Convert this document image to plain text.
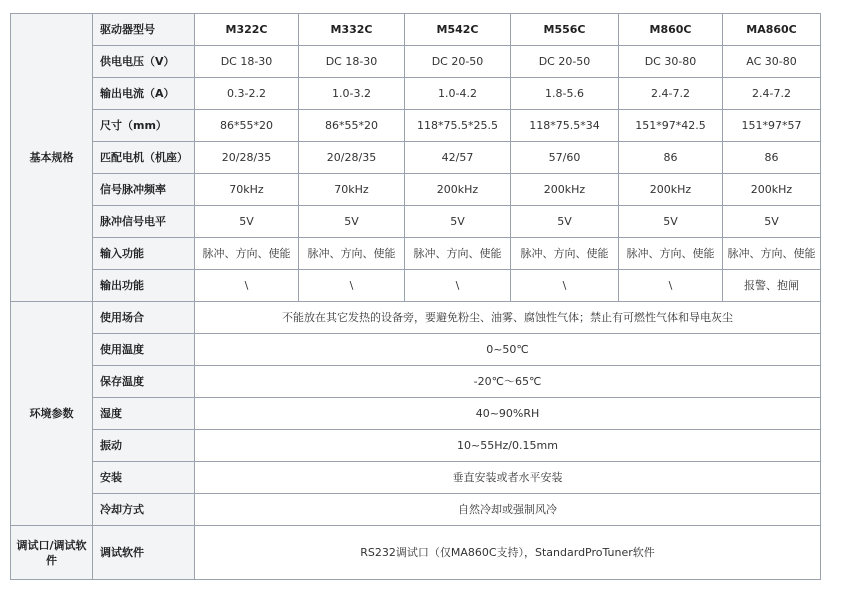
基本规格	驱动器型号	M322C	M332C	M542C	M556C	M860C	MA860C
	供电电压（V）	DC 18-30	DC 18-30	DC 20-50	DC 20-50	DC 30-80	AC 30-80
	输出电流（A）	0.3-2.2	1.0-3.2	1.0-4.2	1.8-5.6	2.4-7.2	2.4-7.2
	尺寸（mm）	86*55*20	86*55*20	118*75.5*25.5	118*75.5*34	151*97*42.5	151*97*57
	匹配电机（机座）	20/28/35	20/28/35	42/57	57/60	86	86
	信号脉冲频率	70kHz	70kHz	200kHz	200kHz	200kHz	200kHz
	脉冲信号电平	5V	5V	5V	5V	5V	5V
	输入功能	脉冲、方向、使能	脉冲、方向、使能	脉冲、方向、使能	脉冲、方向、使能	脉冲、方向、使能	脉冲、方向、使能
	输出功能	\	\	\	\	\	报警、抱闸
环境参数	使用场合	不能放在其它发热的设备旁，要避免粉尘、油雾、腐蚀性气体；禁止有可燃性气体和导电灰尘					
	使用温度	0~50℃					
	保存温度	-20℃～65℃					
	湿度	40~90%RH					
	振动	10~55Hz/0.15mm					
	安装	垂直安装或者水平安装					
	冷却方式	自然冷却或强制风冷					
调试口/调试软件	调试软件	RS232调试口（仅MA860C支持），StandardProTuner软件					
